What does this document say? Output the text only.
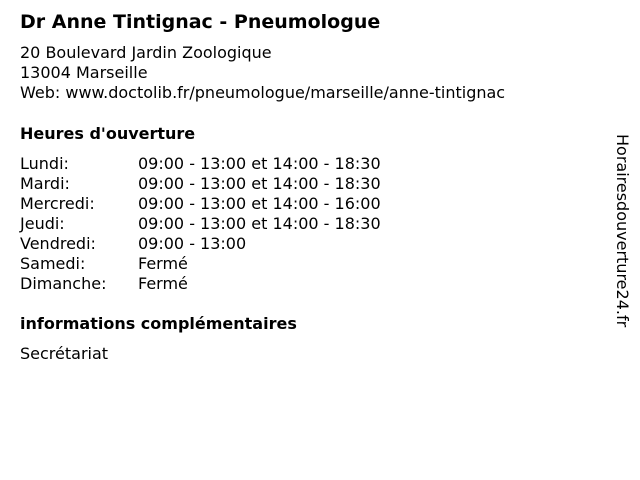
Dr Anne Tintignac - Pneumologue
20 Boulevard Jardin Zoologique
13004 Marseille
Web: www.doctolib.fr/pneumologue/marseille/anne-tintignac
Heures d'ouverture
Lundi:	09:00 - 13:00 et 14:00 - 18:30
Mardi:	09:00 - 13:00 et 14:00 - 18:30
Mercredi:	09:00 - 13:00 et 14:00 - 16:00
Jeudi:	09:00 - 13:00 et 14:00 - 18:30
Vendredi:	09:00 - 13:00
Samedi:	Fermé
Dimanche: Fermé
informations complémentaires
Secrétariat
Horairesdouverture24.fr
